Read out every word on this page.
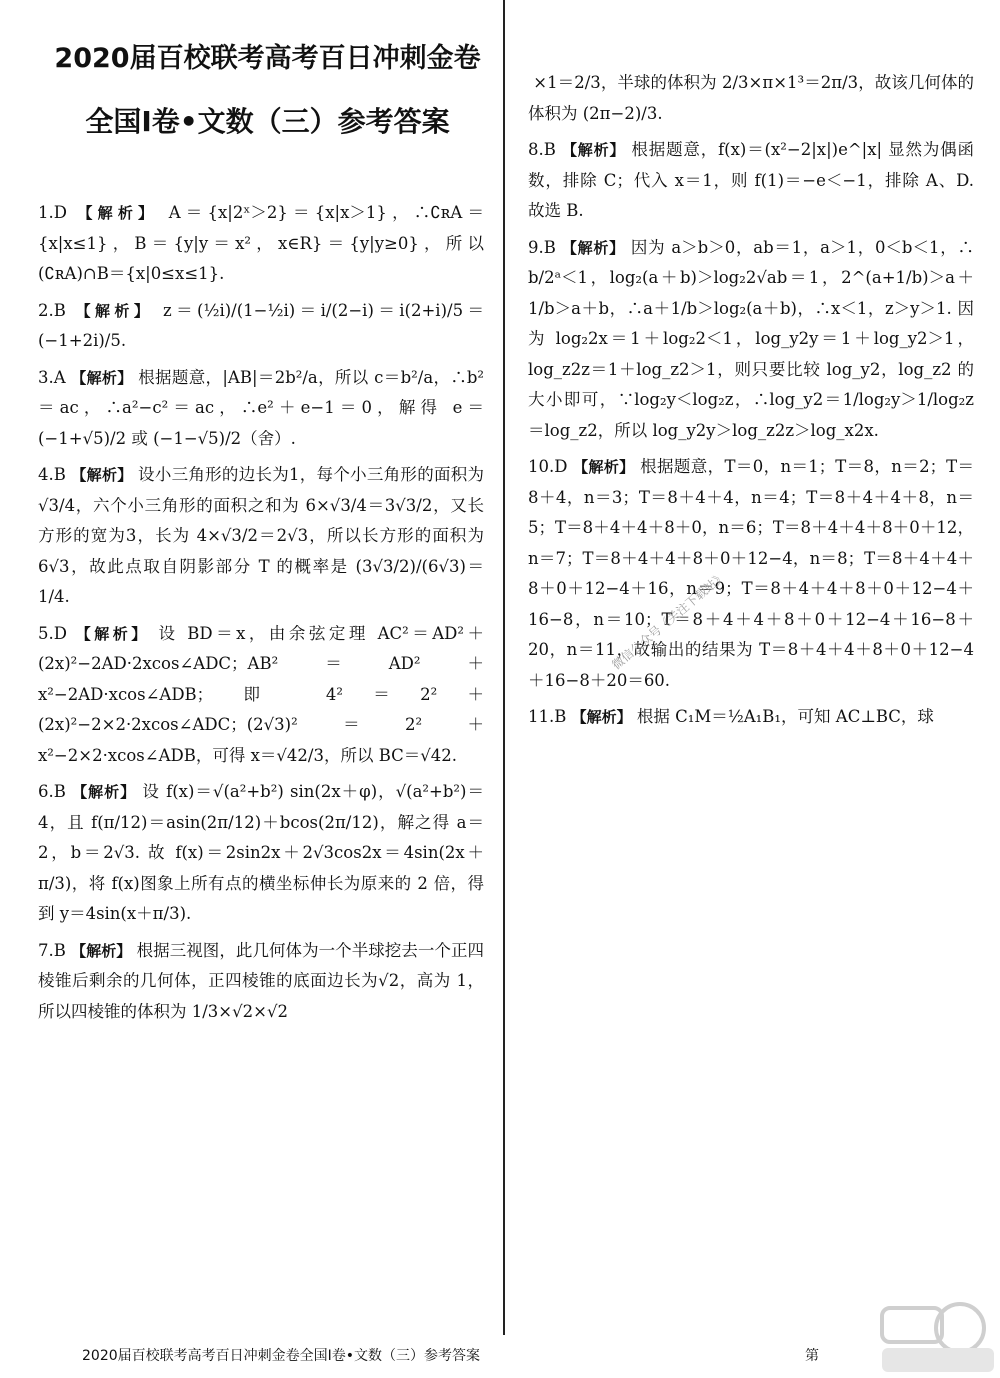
2020届百校联考高考百日冲刺金卷
全国Ⅰ卷•文数（三）参考答案
1.D 【解析】 A＝{x|2ˣ＞2}＝{x|x＞1}，∴∁ʀA＝{x|x≤1}，B＝{y|y＝x²，x∈R}＝{y|y≥0}，所以(∁ʀA)∩B＝{x|0≤x≤1}.
2.B 【解析】 z＝(½i)/(1−½i)＝i/(2−i)＝i(2+i)/5＝(−1+2i)/5.
3.A 【解析】 根据题意，|AB|＝2b²/a，所以 c＝b²/a，∴b²＝ac，∴a²−c²＝ac，∴e²＋e−1＝0，解得 e＝(−1+√5)/2 或 (−1−√5)/2（舍）.
4.B 【解析】 设小三角形的边长为1，每个小三角形的面积为√3/4，六个小三角形的面积之和为 6×√3/4＝3√3/2，又长方形的宽为3，长为 4×√3/2＝2√3，所以长方形的面积为6√3，故此点取自阴影部分 T 的概率是 (3√3/2)/(6√3)＝1/4.
5.D 【解析】 设 BD＝x，由余弦定理 AC²＝AD²＋(2x)²−2AD·2xcos∠ADC；AB²＝AD²＋x²−2AD·xcos∠ADB；即 4²＝2²＋(2x)²−2×2·2xcos∠ADC；(2√3)²＝2²＋x²−2×2·xcos∠ADB，可得 x＝√42/3，所以 BC＝√42.
6.B 【解析】 设 f(x)＝√(a²+b²) sin(2x＋φ)，√(a²+b²)＝4，且 f(π/12)＝asin(2π/12)＋bcos(2π/12)，解之得 a＝2，b＝2√3. 故 f(x)＝2sin2x＋2√3cos2x＝4sin(2x＋π/3)，将 f(x)图象上所有点的横坐标伸长为原来的 2 倍，得到 y＝4sin(x＋π/3).
7.B 【解析】 根据三视图，此几何体为一个半球挖去一个正四棱锥后剩余的几何体，正四棱锥的底面边长为√2，高为 1，所以四棱锥的体积为 1/3×√2×√2
×1＝2/3，半球的体积为 2/3×π×1³＝2π/3，故该几何体的体积为 (2π−2)/3.
8.B 【解析】 根据题意，f(x)＝(x²−2|x|)e^|x| 显然为偶函数，排除 C；代入 x＝1，则 f(1)＝−e＜−1，排除 A、D. 故选 B.
9.B 【解析】 因为 a＞b＞0，ab＝1，a＞1，0＜b＜1，∴ b/2ᵃ＜1，log₂(a＋b)＞log₂2√ab＝1，2^(a+1/b)＞a＋1/b＞a＋b，∴a＋1/b＞log₂(a＋b)，∴x＜1，z＞y＞1. 因为 log₂2x＝1＋log₂2＜1，log_y2y＝1＋log_y2＞1，log_z2z＝1＋log_z2＞1，则只要比较 log_y2，log_z2 的大小即可，∵log₂y＜log₂z，∴log_y2＝1/log₂y＞1/log₂z＝log_z2，所以 log_y2y＞log_z2z＞log_x2x.
10.D 【解析】 根据题意，T＝0，n＝1；T＝8，n＝2；T＝8＋4，n＝3；T＝8＋4＋4，n＝4；T＝8＋4＋4＋8，n＝5；T＝8＋4＋4＋8＋0，n＝6；T＝8＋4＋4＋8＋0＋12，n＝7；T＝8＋4＋4＋8＋0＋12−4，n＝8；T＝8＋4＋4＋8＋0＋12−4＋16，n＝9；T＝8＋4＋4＋8＋0＋12−4＋16−8，n＝10；T＝8＋4＋4＋8＋0＋12−4＋16−8＋20，n＝11，故输出的结果为 T＝8＋4＋4＋8＋0＋12−4＋16−8＋20＝60.
11.B 【解析】 根据 C₁M＝½A₁B₁，可知 AC⊥BC，球
微信公众号《关注下载站》
2020届百校联考高考百日冲刺金卷全国Ⅰ卷•文数（三）参考答案	第
